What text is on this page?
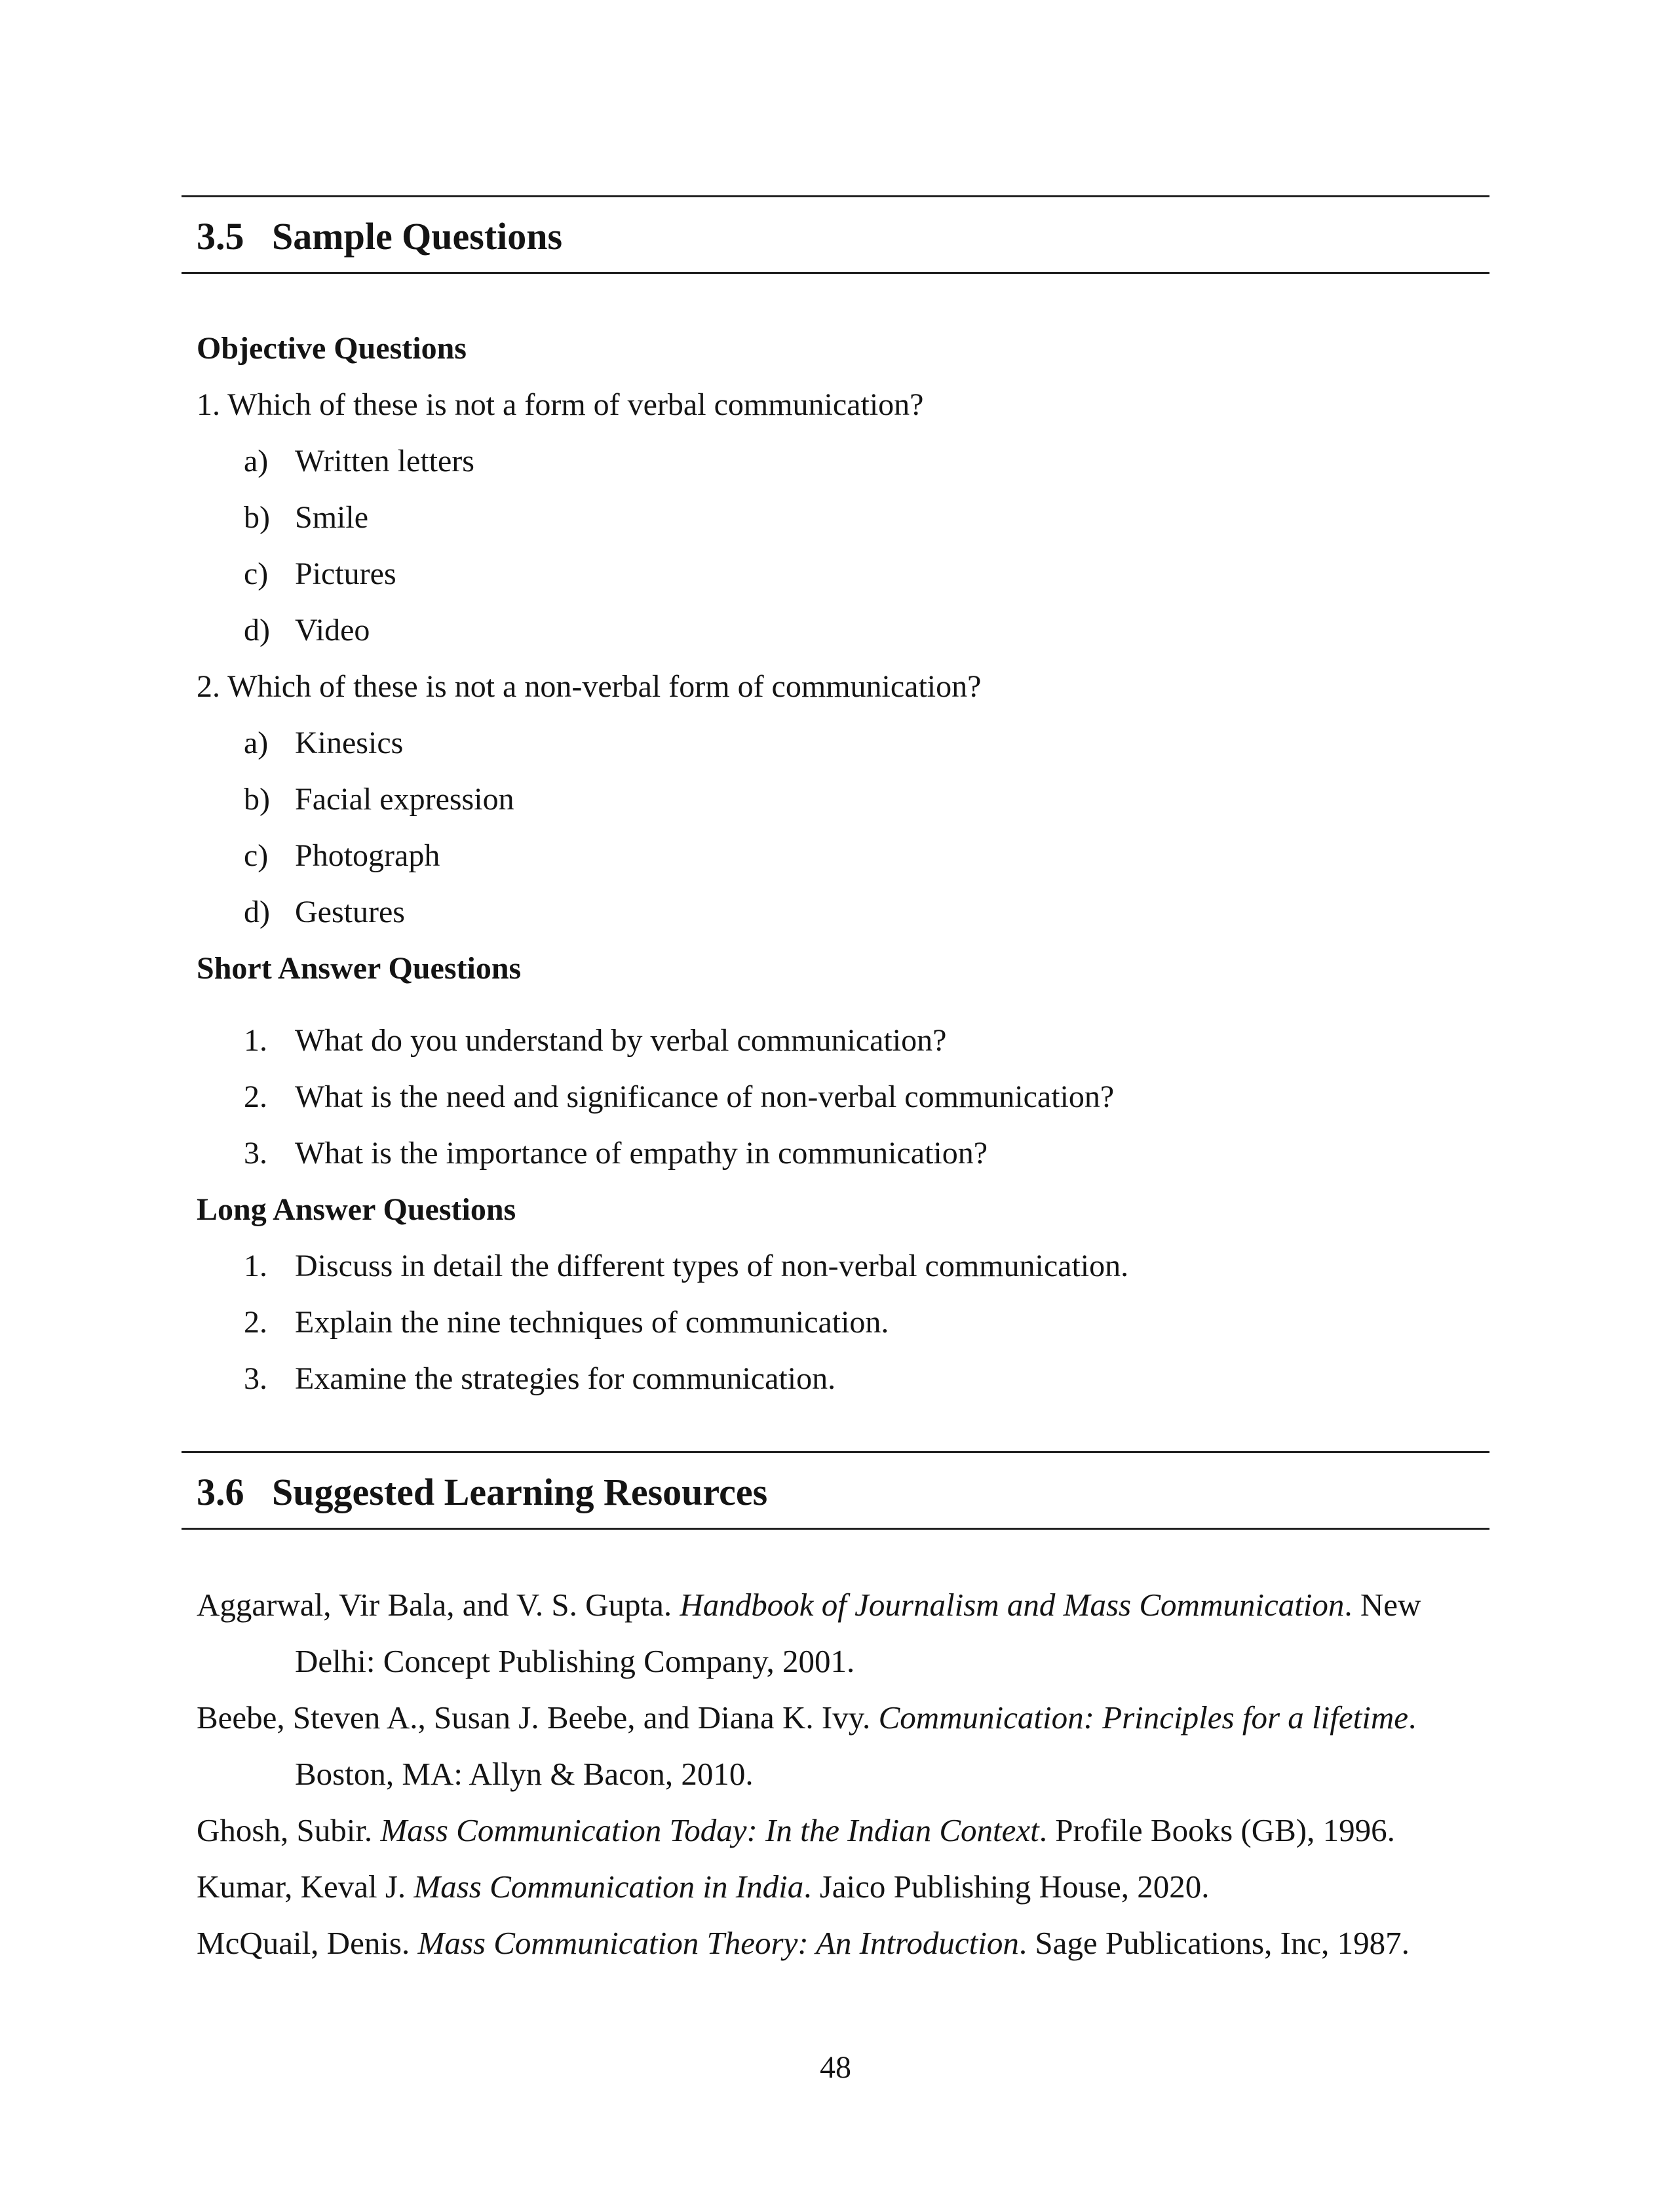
3.5 Sample Questions
Objective Questions
1. Which of these is not a form of verbal communication?
a) Written letters
b) Smile
c) Pictures
d) Video
2. Which of these is not a non-verbal form of communication?
a) Kinesics
b) Facial expression
c) Photograph
d) Gestures
Short Answer Questions
1. What do you understand by verbal communication?
2. What is the need and significance of non-verbal communication?
3. What is the importance of empathy in communication?
Long Answer Questions
1. Discuss in detail the different types of non-verbal communication.
2. Explain the nine techniques of communication.
3. Examine the strategies for communication.
3.6 Suggested Learning Resources
Aggarwal, Vir Bala, and V. S. Gupta. Handbook of Journalism and Mass Communication. New
Delhi: Concept Publishing Company, 2001.
Beebe, Steven A., Susan J. Beebe, and Diana K. Ivy. Communication: Principles for a lifetime.
Boston, MA: Allyn & Bacon, 2010.
Ghosh, Subir. Mass Communication Today: In the Indian Context. Profile Books (GB), 1996.
Kumar, Keval J. Mass Communication in India. Jaico Publishing House, 2020.
McQuail, Denis. Mass Communication Theory: An Introduction. Sage Publications, Inc, 1987.
48
